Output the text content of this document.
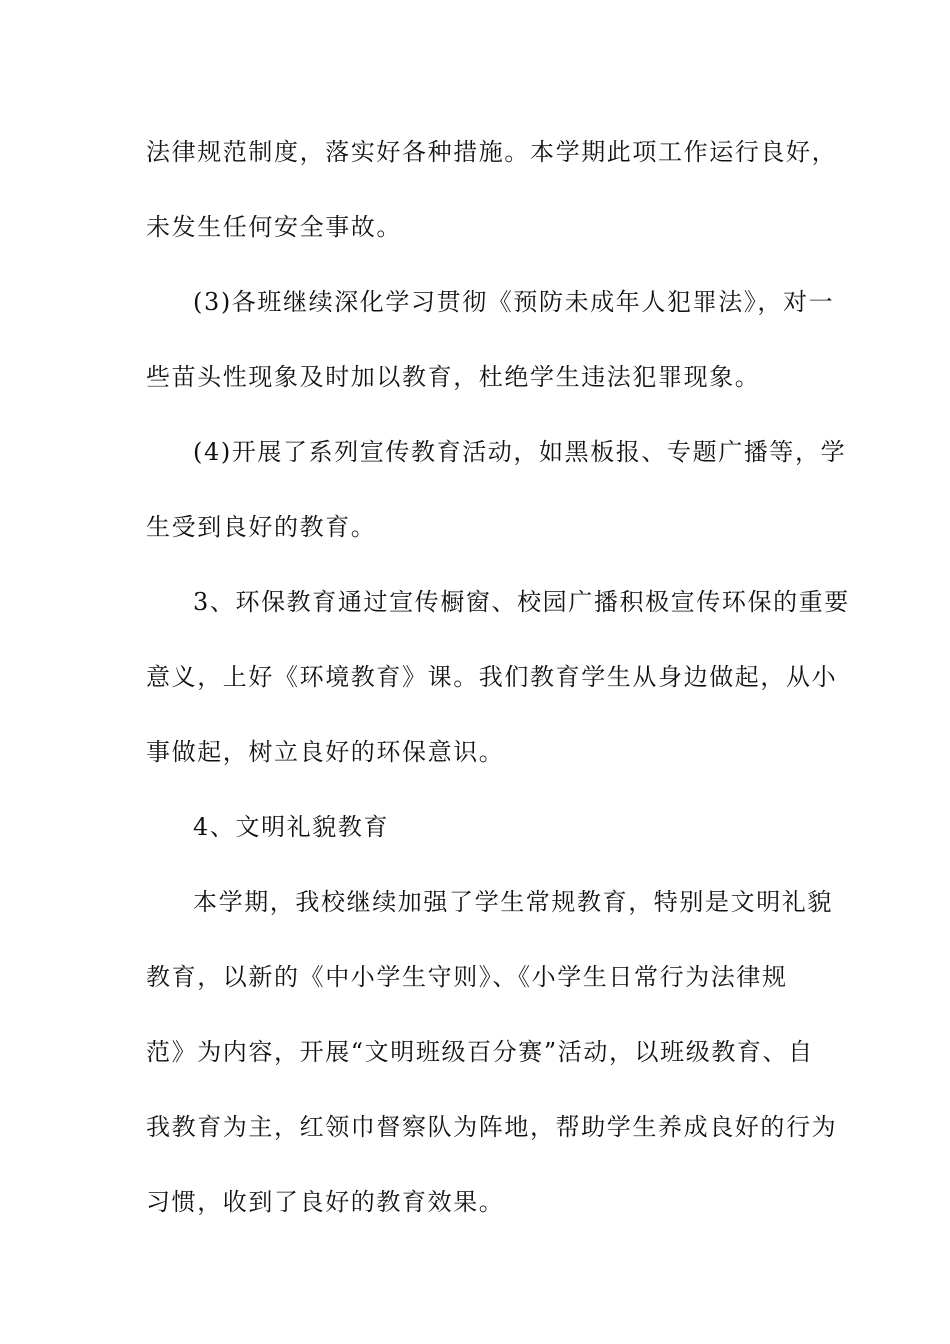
法律规范制度，落实好各种措施。本学期此项工作运行良好，
未发生任何安全事故。
(3)各班继续深化学习贯彻《预防未成年人犯罪法》，对一
些苗头性现象及时加以教育，杜绝学生违法犯罪现象。
(4)开展了系列宣传教育活动，如黑板报、专题广播等，学
生受到良好的教育。
3、环保教育通过宣传橱窗、校园广播积极宣传环保的重要
意义，上好《环境教育》课。我们教育学生从身边做起，从小
事做起，树立良好的环保意识。
4、文明礼貌教育
本学期，我校继续加强了学生常规教育，特别是文明礼貌
教育，以新的《中小学生守则》、《小学生日常行为法律规
范》为内容，开展“文明班级百分赛”活动，以班级教育、自
我教育为主，红领巾督察队为阵地，帮助学生养成良好的行为
习惯，收到了良好的教育效果。
